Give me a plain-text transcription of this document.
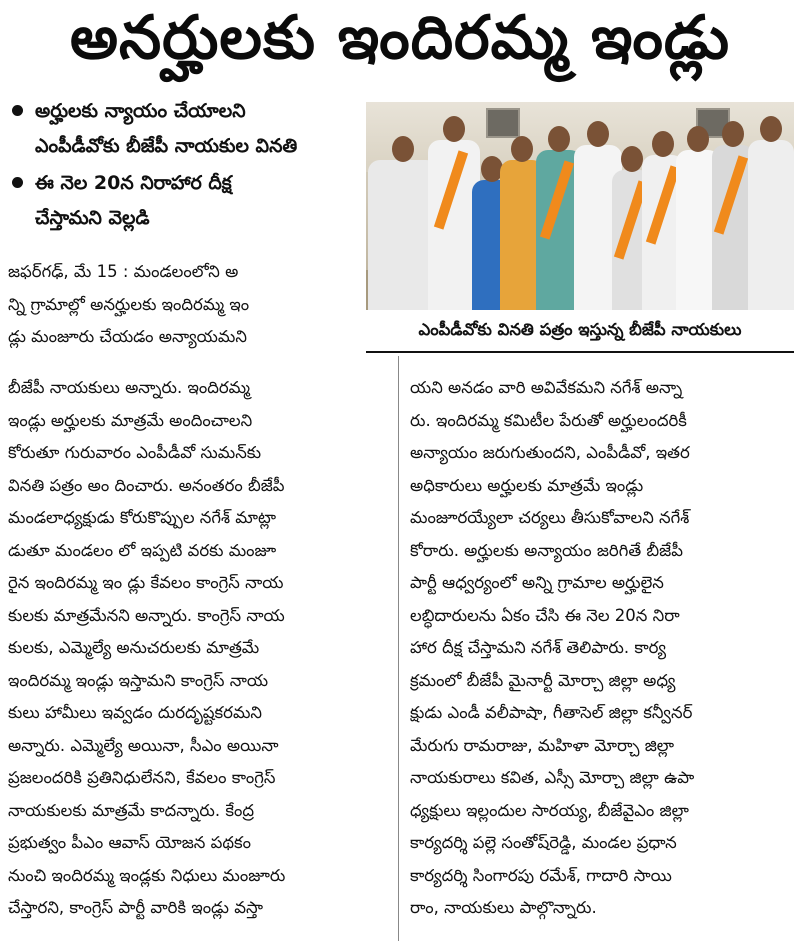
అనర్హులకు ఇందిరమ్మ ఇండ్లు
అర్హులకు న్యాయం చేయాలని
ఎంపీడీవోకు బీజేపీ నాయకుల వినతి
ఈ నెల 20న నిరాహార దీక్ష
చేస్తామని వెల్లడి
ఎంపీడీవోకు వినతి పత్రం ఇస్తున్న బీజేపీ నాయకులు
జఫర్‌గఢ్, మే 15 : మండలంలోని అ
న్ని గ్రామాల్లో అనర్హులకు ఇందిరమ్మ ఇం
డ్లు మంజూరు చేయడం అన్యాయమని
బీజేపీ నాయకులు అన్నారు. ఇందిరమ్మ
ఇండ్లు అర్హులకు మాత్రమే అందించాలని
కోరుతూ గురువారం ఎంపీడీవో సుమన్‌కు
వినతి పత్రం అం దించారు. అనంతరం బీజేపీ
మండలాధ్యక్షుడు కోరుకొప్పుల నగేశ్ మాట్లా
డుతూ మండలం లో ఇప్పటి వరకు మంజూ
రైన ఇందిరమ్మ ఇం డ్లు కేవలం కాంగ్రెస్ నాయ
కులకు మాత్రమేనని అన్నారు. కాంగ్రెస్ నాయ
కులకు, ఎమ్మెల్యే అనుచరులకు మాత్రమే
ఇందిరమ్మ ఇండ్లు ఇస్తామని కాంగ్రెస్ నాయ
కులు హామీలు ఇవ్వడం దురదృష్టకరమని
అన్నారు. ఎమ్మెల్యే అయినా, సీఎం అయినా
ప్రజలందరికి ప్రతినిధులేనని, కేవలం కాంగ్రెస్
నాయకులకు మాత్రమే కాదన్నారు. కేంద్ర
ప్రభుత్వం పీఎం ఆవాస్ యోజన పథకం
నుంచి ఇందిరమ్మ ఇండ్లకు నిధులు మంజూరు
చేస్తారని, కాంగ్రెస్ పార్టీ వారికి ఇండ్లు వస్తా
యని అనడం వారి అవివేకమని నగేశ్ అన్నా
రు. ఇందిరమ్మ కమిటీల పేరుతో అర్హులందరికీ
అన్యాయం జరుగుతుందని, ఎంపీడీవో, ఇతర
అధికారులు అర్హులకు మాత్రమే ఇండ్లు
మంజూరయ్యేలా చర్యలు తీసుకోవాలని నగేశ్
కోరారు. అర్హులకు అన్యాయం జరిగితే బీజేపీ
పార్టీ ఆధ్వర్యంలో అన్ని గ్రామాల అర్హులైన
లబ్ధిదారులను ఏకం చేసి ఈ నెల 20న నిరా
హార దీక్ష చేస్తామని నగేశ్ తెలిపారు. కార్య
క్రమంలో బీజేపీ మైనార్టీ మోర్చా జిల్లా అధ్య
క్షుడు ఎండీ వలీపాషా, గీతాసెల్ జిల్లా కన్వీనర్
మేరుగు రామరాజు, మహిళా మోర్చా జిల్లా
నాయకురాలు కవిత, ఎస్సీ మోర్చా జిల్లా ఉపా
ధ్యక్షులు ఇల్లందుల సారయ్య, బీజేవైఎం జిల్లా
కార్యదర్శి పల్లె సంతోష్‌రెడ్డి, మండల ప్రధాన
కార్యదర్శి సింగారపు రమేశ్, గాదారి సాయి
రాం, నాయకులు పాల్గొన్నారు.
